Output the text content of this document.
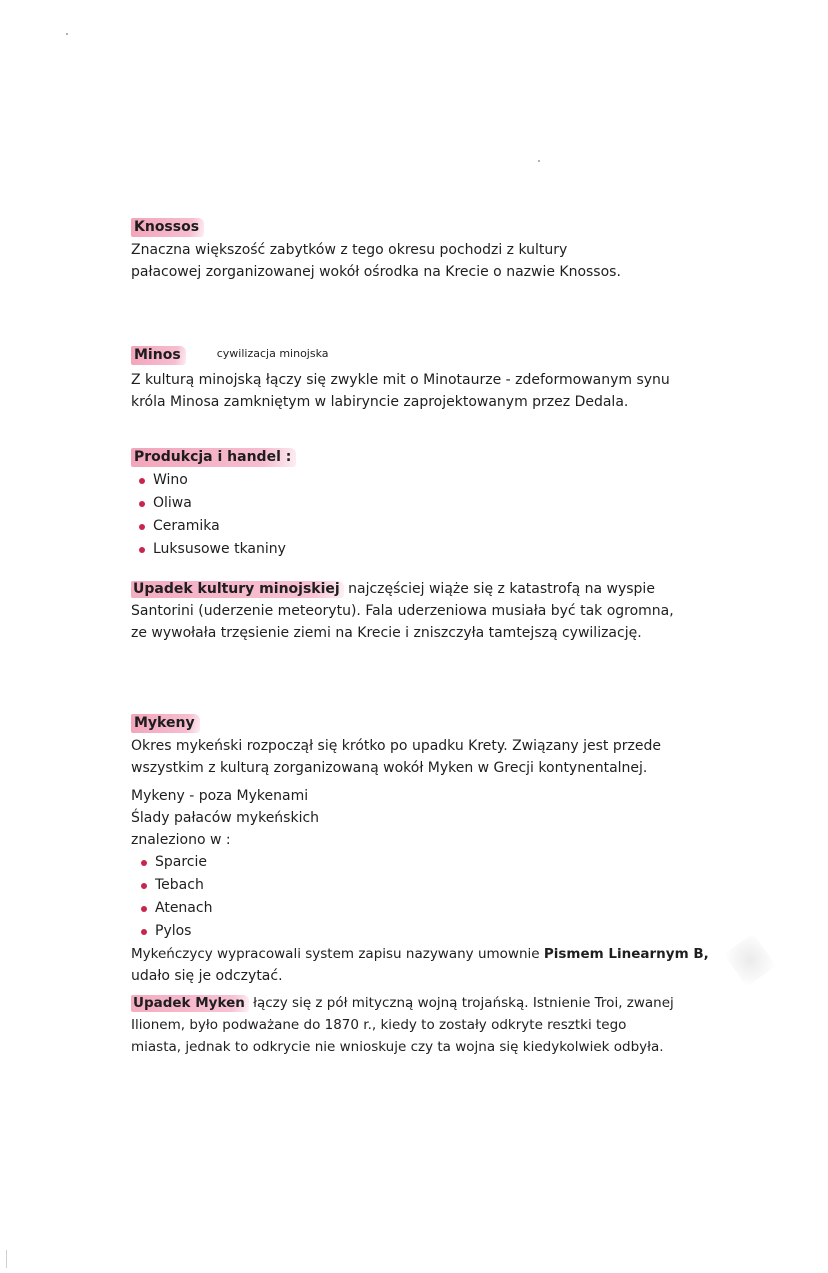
Knossos
Znaczna większość zabytków z tego okresu pochodzi z kultury
pałacowej zorganizowanej wokół ośrodka na Krecie o nazwie Knossos.
Minos	cywilizacja minojska
Z kulturą minojską łączy się zwykle mit o Minotaurze - zdeformowanym synu
króla Minosa zamkniętym w labiryncie zaprojektowanym przez Dedala.
Produkcja i handel :
Wino
Oliwa
Ceramika
Luksusowe tkaniny
Upadek kultury minojskiej najczęściej wiąże się z katastrofą na wyspie
Santorini (uderzenie meteorytu). Fala uderzeniowa musiała być tak ogromna,
ze wywołała trzęsienie ziemi na Krecie i zniszczyła tamtejszą cywilizację.
Mykeny
Okres mykeński rozpoczął się krótko po upadku Krety. Związany jest przede
wszystkim z kulturą zorganizowaną wokół Myken w Grecji kontynentalnej.
Mykeny - poza Mykenami
Ślady pałaców mykeńskich
znaleziono w :
Sparcie
Tebach
Atenach
Pylos
Mykeńczycy wypracowali system zapisu nazywany umownie Pismem Linearnym B,
udało się je odczytać.
Upadek Myken łączy się z pół mityczną wojną trojańską. Istnienie Troi, zwanej
Ilionem, było podważane do 1870 r., kiedy to zostały odkryte resztki tego
miasta, jednak to odkrycie nie wnioskuje czy ta wojna się kiedykolwiek odbyła.
